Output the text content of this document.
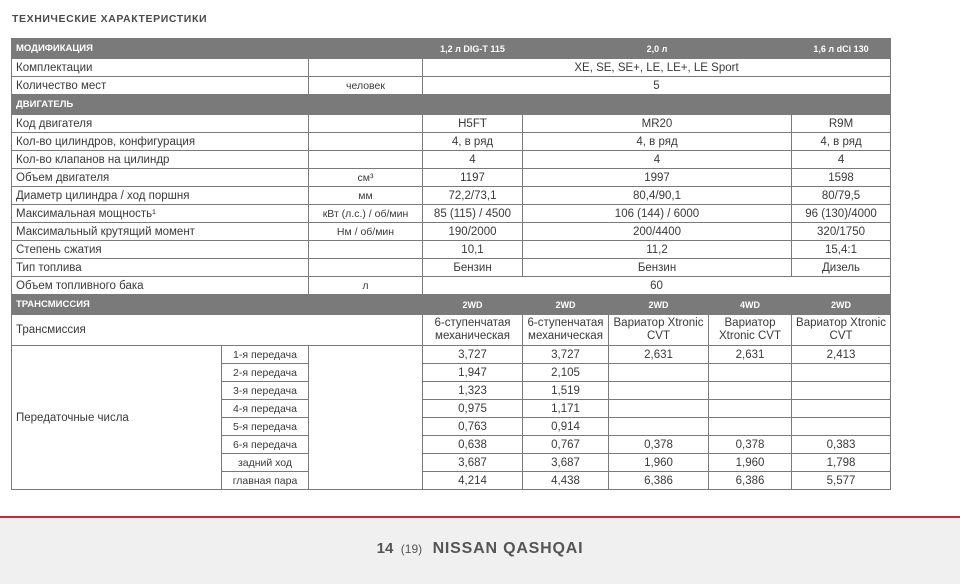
ТЕХНИЧЕСКИЕ ХАРАКТЕРИСТИКИ
МОДИФИКАЦИЯ			1,2 л DIG-T 115	2,0 л			1,6 л dCi 130
Комплектации			XE, SE, SE+, LE, LE+, LE Sport				
Количество мест		человек	5				
ДВИГАТЕЛЬ							
Код двигателя			H5FT	MR20			R9M
Кол-во цилиндров, конфигурация			4, в ряд	4, в ряд			4, в ряд
Кол-во клапанов на цилиндр			4	4			4
Объем двигателя		см³	1197	1997			1598
Диаметр цилиндра / ход поршня		мм	72,2/73,1	80,4/90,1			80/79,5
Максимальная мощность¹		кВт (л.с.) / об/мин	85 (115) / 4500	106 (144) / 6000			96 (130)/4000
Максимальный крутящий момент		Нм / об/мин	190/2000	200/4400			320/1750
Степень сжатия			10,1	11,2			15,4:1
Тип топлива			Бензин	Бензин			Дизель
Объем топливного бака		л	60				
ТРАНСМИССИЯ			2WD	2WD	2WD	4WD	2WD
Трансмиссия			6-ступенчатая механическая	6-ступенчатая механическая	Вариатор Xtronic CVT	Вариатор Xtronic CVT	Вариатор Xtronic CVT
Передаточные числа	1-я передача		3,727	3,727	2,631	2,631	2,413
	2-я передача		1,947	2,105			
	3-я передача		1,323	1,519			
	4-я передача		0,975	1,171			
	5-я передача		0,763	0,914			
	6-я передача		0,638	0,767	0,378	0,378	0,383
	задний ход		3,687	3,687	1,960	1,960	1,798
	главная пара		4,214	4,438	6,386	6,386	5,577
14 (19) NISSAN QASHQAI
